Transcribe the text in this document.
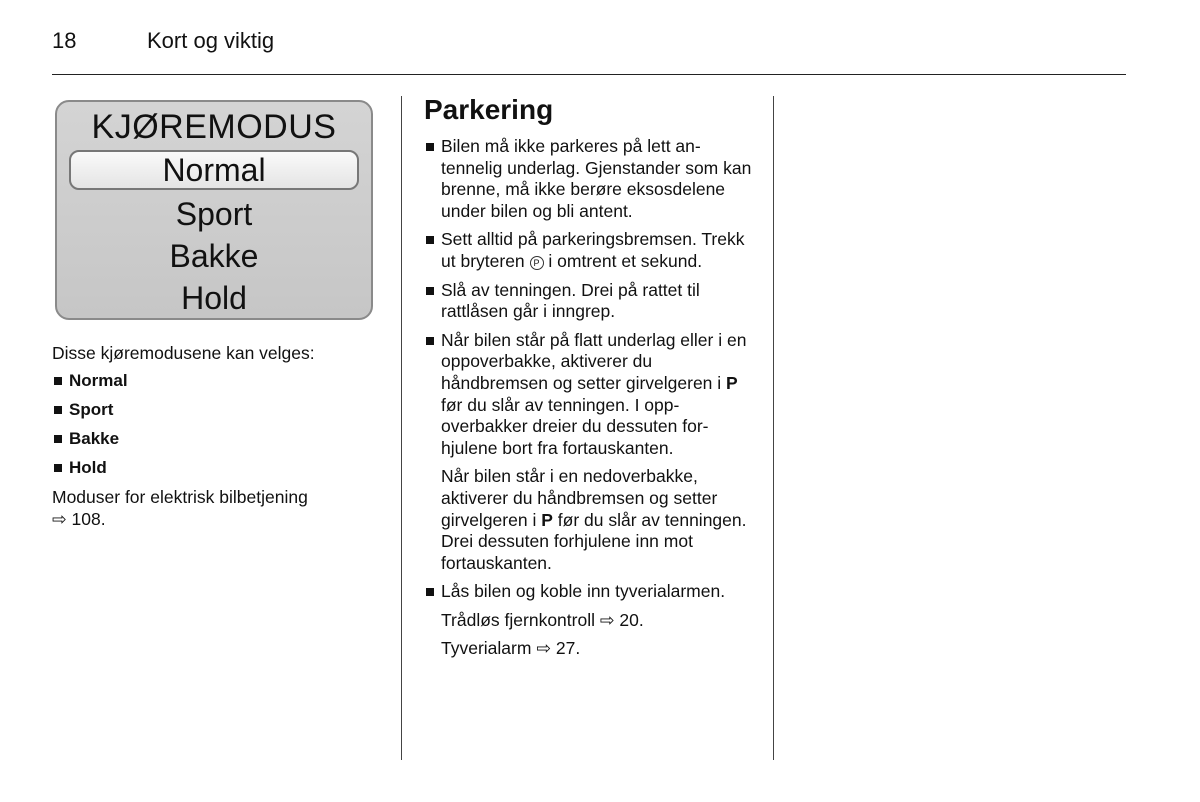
18	Kort og viktig
KJØREMODUS
Normal
Sport
Bakke
Hold
Disse kjøremodusene kan velges:
Normal
Sport
Bakke
Hold
Moduser for elektrisk bilbetjening
⇨ 108.
Parkering
Bilen må ikke parkeres på lett antennelig underlag. Gjenstander som kan brenne, må ikke berøre eksosdelene under bilen og bli antent.
Sett alltid på parkeringsbremsen. Trekk ut bryteren P i omtrent et sekund.
Slå av tenningen. Drei på rattet til rattlåsen går i inngrep.
Når bilen står på flatt underlag eller i en oppoverbakke, aktiverer du håndbremsen og setter girvelgeren i P før du slår av tenningen. I oppoverbakker dreier du dessuten forhjulene bort fra fortauskanten.

Når bilen står i en nedoverbakke, aktiverer du håndbremsen og setter girvelgeren i P før du slår av tenningen. Drei dessuten forhjulene inn mot fortauskanten.

Lås bilen og koble inn tyverialarmen.

Trådløs fjernkontroll ⇨ 20.

Tyverialarm ⇨ 27.
